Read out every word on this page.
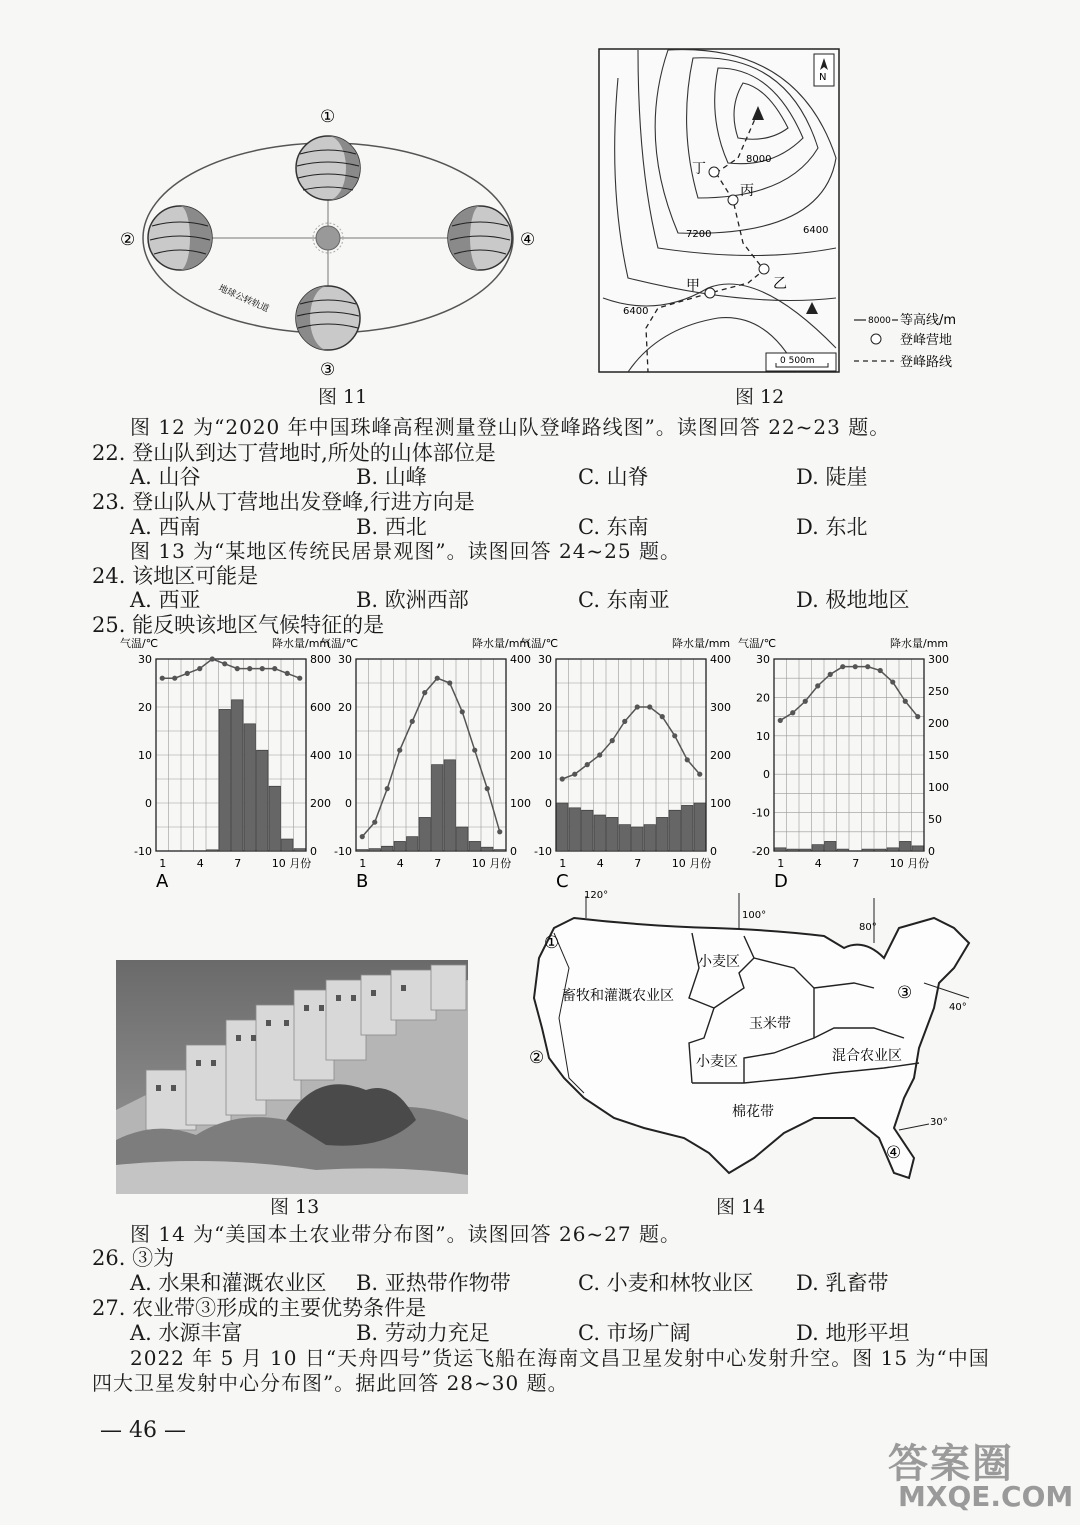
①
②
③
④
地球公转轨道
图 11
N
丁
丙
乙
甲
8000
7200	6400
6400
0 500m
8000 等高线/m
登峰营地
登峰路线
图 12
图 12 为“2020 年中国珠峰高程测量登山队登峰路线图”。读图回答 22~23 题。
22. 登山队到达丁营地时,所处的山体部位是
A. 山谷	B. 山峰	C. 山脊	D. 陡崖
23. 登山队从丁营地出发登峰,行进方向是
A. 西南	B. 西北	C. 东南	D. 东北
图 13 为“某地区传统民居景观图”。读图回答 24~25 题。
24. 该地区可能是
A. 西亚	B. 欧洲西部	C. 东南亚	D. 极地地区
25. 能反映该地区气候特征的是
30
20
10
0
-10
800
600
400
200
0
1	4	7	10 月份
气温/℃	降水量/mm
A
30
20
10
0
-10
400
300
200
100
0
1	4	7	10 月份
气温/℃	降水量/mm
B
30
20
10
0
-10
400
300
200
100
0
1	4	7	10 月份
气温/℃	降水量/mm
C
30
20
10
0
-10
-20
300
250
200
150
100
50
0
1	4	7	10 月份
气温/℃	降水量/mm
D
图 13
120°
100°
80°
40°
30°
①
②
③
④
小麦区
畜牧和灌溉农业区
玉米带
小麦区	混合农业区
棉花带
图 14
图 14 为“美国本土农业带分布图”。读图回答 26~27 题。
26. ③为
A. 水果和灌溉农业区 B. 亚热带作物带	C. 小麦和林牧业区 D. 乳畜带
27. 农业带③形成的主要优势条件是
A. 水源丰富	B. 劳动力充足	C. 市场广阔	D. 地形平坦
2022 年 5 月 10 日“天舟四号”货运飞船在海南文昌卫星发射中心发射升空。图 15 为“中国
四大卫星发射中心分布图”。据此回答 28~30 题。
— 46 —
答案圈
MXQE.COM
